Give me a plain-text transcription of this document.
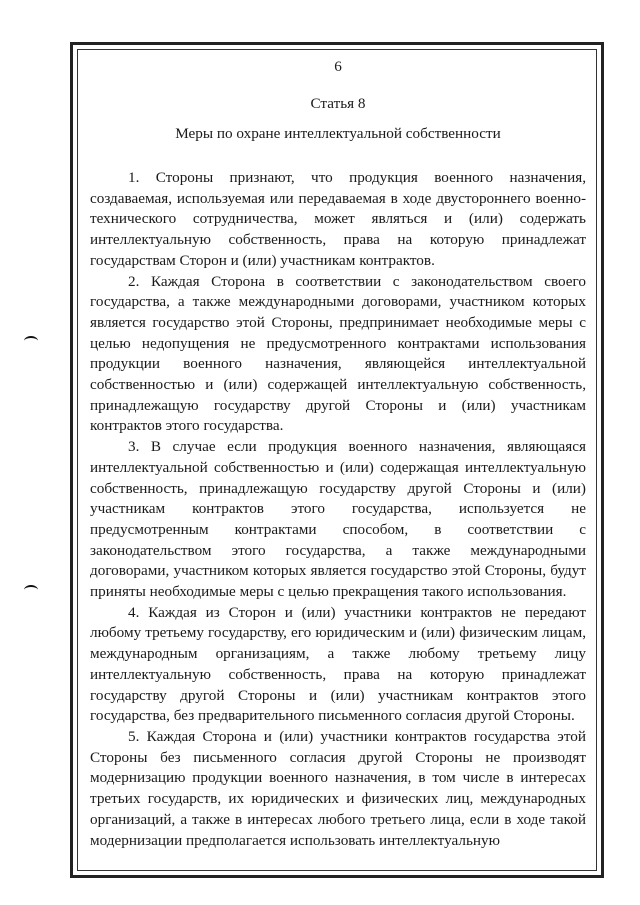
6
Статья 8
Меры по охране интеллектуальной собственности

1. Стороны признают, что продукция военного назначения, создаваемая, используемая или передаваемая в ходе двустороннего военно-технического сотрудничества, может являться и (или) содержать интеллектуальную собственность, права на которую принадлежат государствам Сторон и (или) участникам контрактов.

2. Каждая Сторона в соответствии с законодательством своего государства, а также международными договорами, участником которых является государство этой Стороны, предпринимает необходимые меры с целью недопущения не предусмотренного контрактами использования продукции военного назначения, являющейся интеллектуальной собственностью и (или) содержащей интеллектуальную собственность, принадлежащую государству другой Стороны и (или) участникам контрактов этого государства.

3. В случае если продукция военного назначения, являющаяся интеллектуальной собственностью и (или) содержащая интеллектуальную собственность, принадлежащую государству другой Стороны и (или) участникам контрактов этого государства, используется не предусмотренным контрактами способом, в соответствии с законодательством этого государства, а также международными договорами, участником которых является государство этой Стороны, будут приняты необходимые меры с целью прекращения такого использования.

4. Каждая из Сторон и (или) участники контрактов не передают любому третьему государству, его юридическим и (или) физическим лицам, международным организациям, а также любому третьему лицу интеллектуальную собственность, права на которую принадлежат государству другой Стороны и (или) участникам контрактов этого государства, без предварительного письменного согласия другой Стороны.

5. Каждая Сторона и (или) участники контрактов государства этой Стороны без письменного согласия другой Стороны не производят модернизацию продукции военного назначения, в том числе в интересах третьих государств, их юридических и физических лиц, международных организаций, а также в интересах любого третьего лица, если в ходе такой модернизации предполагается использовать интеллектуальную
